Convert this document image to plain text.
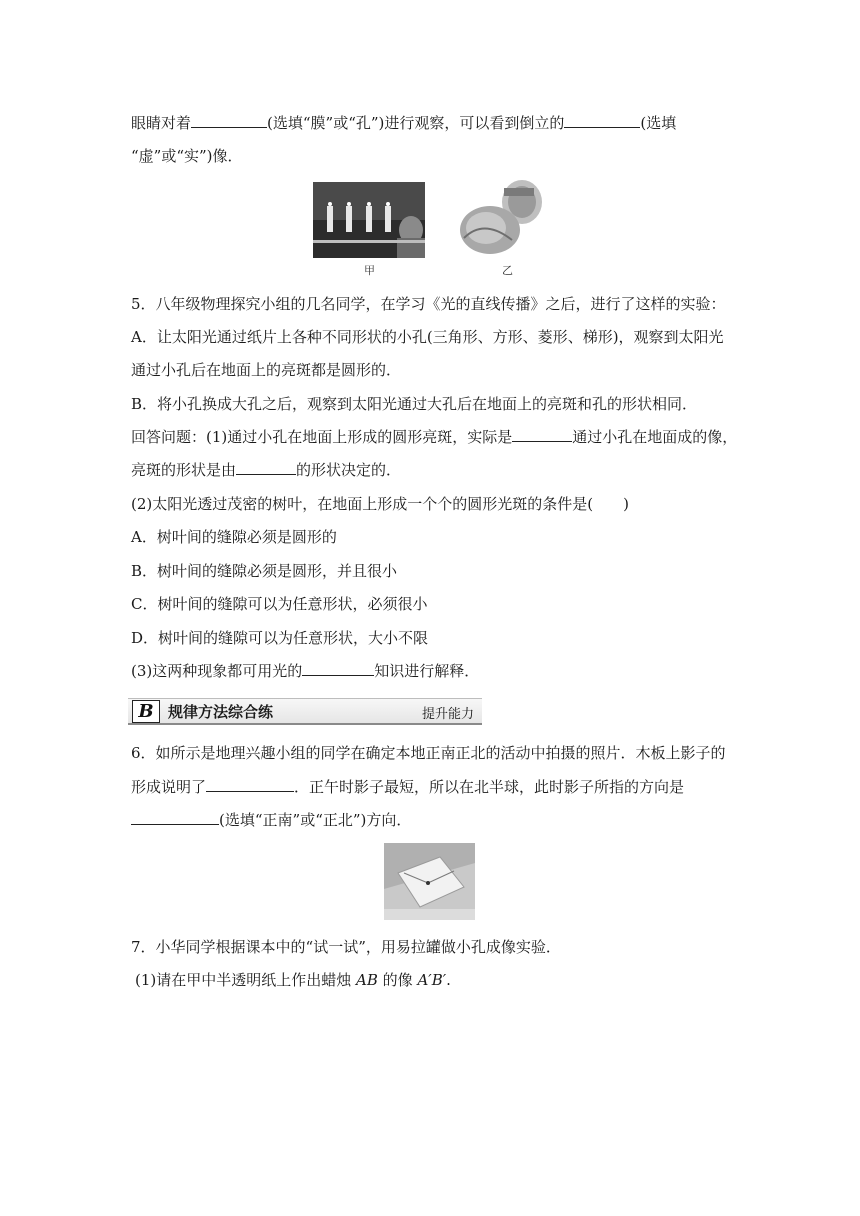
眼睛对着	(选填“膜”或“孔”)进行观察，可以看到倒立的	(选填
“虚”或“实”)像．
甲	乙
5．八年级物理探究小组的几名同学，在学习《光的直线传播》之后，进行了这样的实验：
A．让太阳光通过纸片上各种不同形状的小孔(三角形、方形、菱形、梯形)，观察到太阳光
通过小孔后在地面上的亮斑都是圆形的．
B．将小孔换成大孔之后，观察到太阳光通过大孔后在地面上的亮斑和孔的形状相同．
回答问题：(1)通过小孔在地面上形成的圆形亮斑，实际是	通过小孔在地面成的像，
亮斑的形状是由	的形状决定的．
(2)太阳光透过茂密的树叶，在地面上形成一个个的圆形光斑的条件是(　　)
A．树叶间的缝隙必须是圆形的
B．树叶间的缝隙必须是圆形，并且很小
C．树叶间的缝隙可以为任意形状，必须很小
D．树叶间的缝隙可以为任意形状，大小不限
(3)这两种现象都可用光的	知识进行解释．
B 规律方法综合练	提升能力
6．如所示是地理兴趣小组的同学在确定本地正南正北的活动中拍摄的照片．木板上影子的
形成说明了	．正午时影子最短，所以在北半球，此时影子所指的方向是
(选填“正南”或“正北”)方向．
7．小华同学根据课本中的“试一试”，用易拉罐做小孔成像实验．
(1)请在甲中半透明纸上作出蜡烛 AB 的像 A′B′.
